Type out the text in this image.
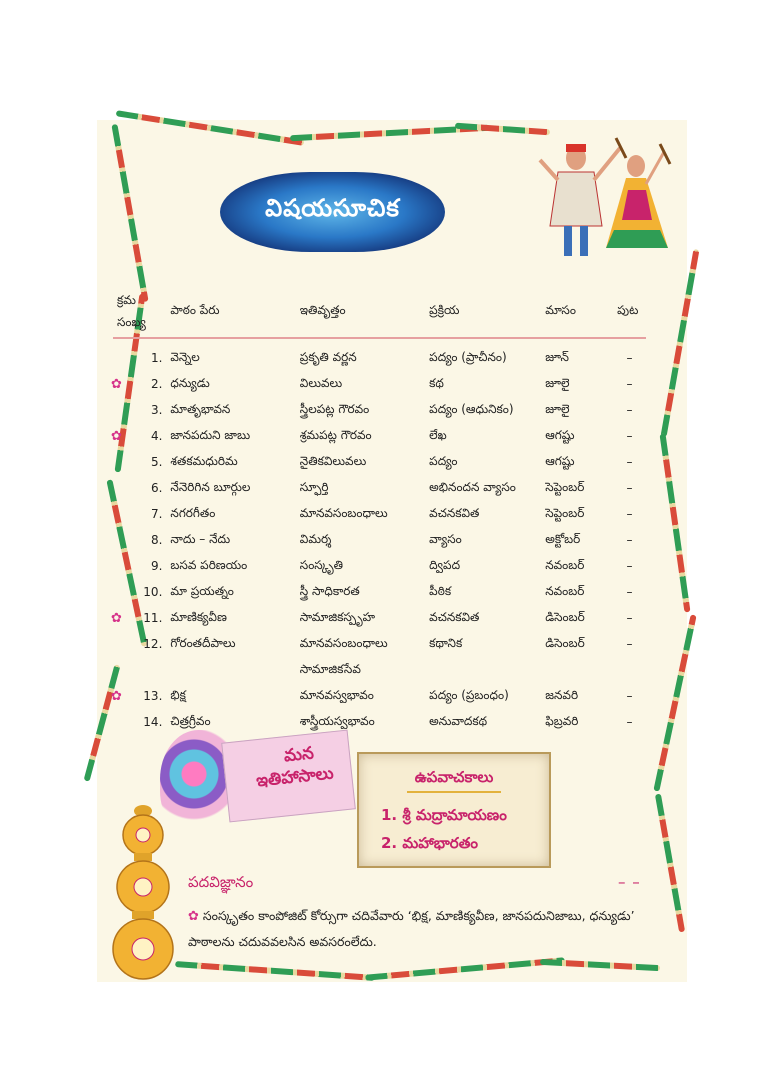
విషయసూచిక
క్రమ
సంఖ్య	పాఠం పేరు	ఇతివృత్తం	ప్రక్రియ	మాసం	పుట

1.	వెన్నెల	ప్రకృతి వర్ణన	పద్యం (ప్రాచీనం)	జూన్	–

✿ 2.	ధన్యుడు	విలువలు	కథ	జూలై	–

3.	మాతృభావన	స్త్రీలపట్ల గౌరవం	పద్యం (ఆధునికం)	జూలై	–

✿ 4.	జానపదుని జాబు	శ్రమపట్ల గౌరవం	లేఖ	ఆగష్టు	–

5.	శతకమధురిమ	నైతికవిలువలు	పద్యం	ఆగష్టు	–

6.	నేనెరిగిన బూర్గుల	స్ఫూర్తి	అభినందన వ్యాసం	సెప్టెంబర్	–

7.	నగరగీతం	మానవసంబంధాలు	వచనకవిత	సెప్టెంబర్	–

8.	నాదు – నేదు	విమర్శ	వ్యాసం	అక్టోబర్	–

9.	బసవ పరిణయం	సంస్కృతి	ద్విపద	నవంబర్	–

10.	మా ప్రయత్నం	స్త్రీ సాధికారత	పీఠిక	నవంబర్	–

✿ 11.	మాణిక్యవీణ	సామాజికస్పృహ	వచనకవిత	డిసెంబర్	–

12.	గోరంతదీపాలు	మానవసంబంధాలు	కథానిక	డిసెంబర్	–

		సామాజికసేవ			

✿ 13.	భిక్ష	మానవస్వభావం	పద్యం (ప్రబంధం)	జనవరి	–

14.	చిత్రగ్రీవం	శాస్త్రీయస్వభావం	అనువాదకథ	ఫిబ్రవరి	–
మన
ఇతిహాసాలు	ఉపవాచకాలు
1. శ్రీ మద్రామాయణం
2. మహాభారతం
పదవిజ్ఞానం	– –
✿ సంస్కృతం కాంపోజిట్ కోర్సుగా చదివేవారు ‘భిక్ష, మాణిక్యవీణ, జానపదునిజాబు, ధన్యుడు’ పాఠాలను చదువవలసిన అవసరంలేదు.
